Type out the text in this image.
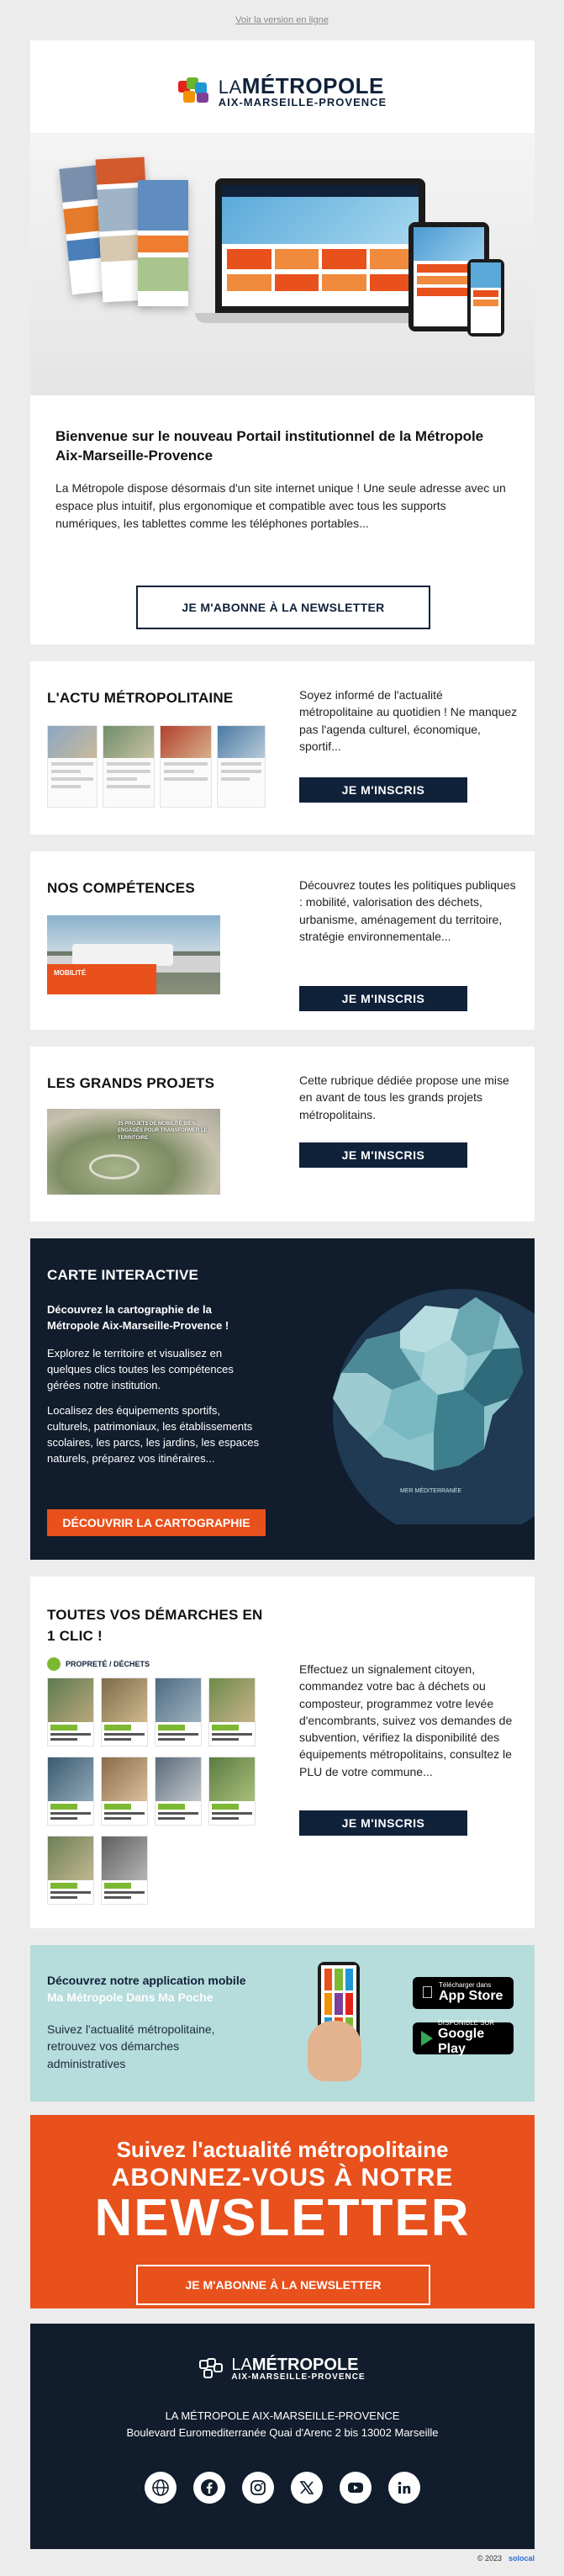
Voir la version en ligne
LAMÉTROPOLE
AIX-MARSEILLE-PROVENCE
Bienvenue sur le nouveau Portail institutionnel de la Métropole Aix-Marseille-Provence
La Métropole dispose désormais d'un site internet unique ! Une seule adresse avec un espace plus intuitif, plus ergonomique et compatible avec tous les supports numériques, les tablettes comme les téléphones portables...
JE M'ABONNE À LA NEWSLETTER
L'ACTU MÉTROPOLITAINE	Soyez informé de l'actualité métropolitaine au quotidien ! Ne manquez pas l'agenda culturel, économique, sportif...
JE M'INSCRIS
NOS COMPÉTENCES
MOBILITÉ
Découvrez toutes les politiques publiques : mobilité, valorisation des déchets, urbanisme, aménagement du territoire, stratégie environnementale...
JE M'INSCRIS
LES GRANDS PROJETS
25 PROJETS DE MOBILITÉ BIEN ENGAGÉS POUR TRANSFORMER LE TERRITOIRE
Cette rubrique dédiée propose une mise en avant de tous les grands projets métropolitains.
JE M'INSCRIS
CARTE INTERACTIVE
Découvrez la cartographie de la Métropole Aix-Marseille-Provence !
Explorez le territoire et visualisez en quelques clics toutes les compétences gérées notre institution.
Localisez des équipements sportifs, culturels, patrimoniaux, les établissements scolaires, les parcs, les jardins, les espaces naturels, préparez vos itinéraires...
DÉCOUVRIR LA CARTOGRAPHIE
MER MÉDITERRANÉE
TOUTES VOS DÉMARCHES EN 1 CLIC !
PROPRETÉ / DÉCHETS	Effectuez un signalement citoyen, commandez votre bac à déchets ou composteur, programmez votre levée d'encombrants, suivez vos demandes de subvention, vérifiez la disponibilité des équipements métropolitains, consultez le PLU de votre commune...
JE M'INSCRIS
Découvrez notre application mobile
Ma Métropole Dans Ma Poche
Suivez l'actualité métropolitaine, retrouvez vos démarches administratives
Télécharger dans
App Store
DISPONIBLE SUR
Google Play
Suivez l'actualité métropolitaine
ABONNEZ-VOUS À NOTRE
NEWSLETTER
JE M'ABONNE À LA NEWSLETTER
LAMÉTROPOLE
AIX-MARSEILLE-PROVENCE
LA MÉTROPOLE AIX-MARSEILLE-PROVENCE
Boulevard Euromediterranée Quai d'Arenc 2 bis 13002 Marseille
© 2023 solocal
